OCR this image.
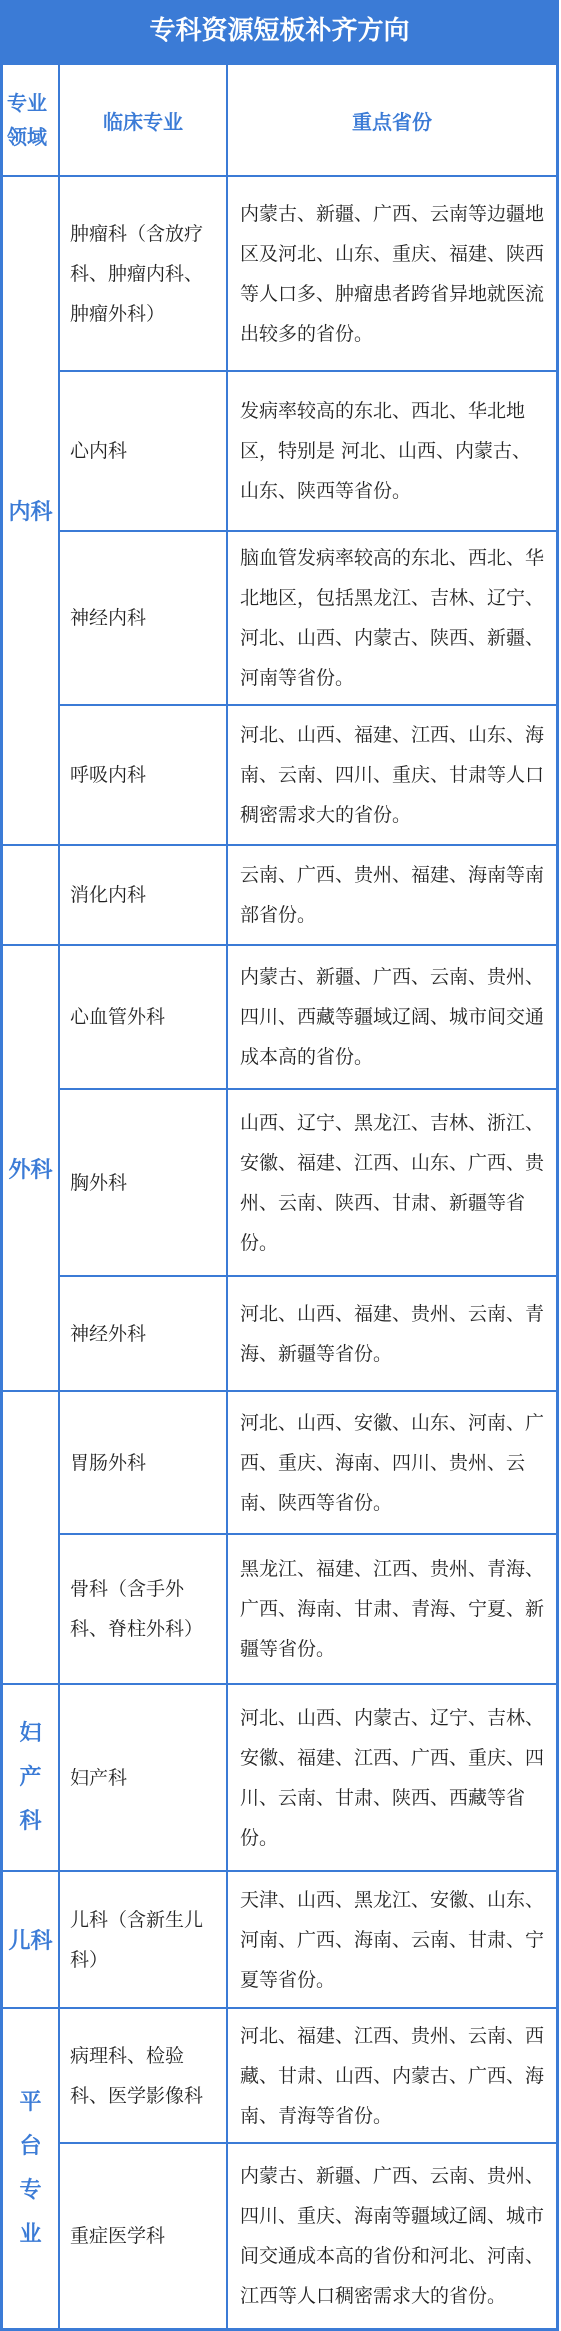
专科资源短板补齐方向
专业
领域	临床专业	重点省份
内科	肿瘤科（含放疗科、肿瘤内科、肿瘤外科）	内蒙古、新疆、广西、云南等边疆地区及河北、山东、重庆、福建、陕西等人口多、肿瘤患者跨省异地就医流出较多的省份。
	心内科	发病率较高的东北、西北、华北地区，特别是 河北、山西、内蒙古、山东、陕西等省份。
	神经内科	脑血管发病率较高的东北、西北、华北地区，包括黑龙江、吉林、辽宁、河北、山西、内蒙古、陕西、新疆、河南等省份。
	呼吸内科	河北、山西、福建、江西、山东、海南、云南、四川、重庆、甘肃等人口稠密需求大的省份。
	消化内科	云南、广西、贵州、福建、海南等南部省份。
外科	心血管外科	内蒙古、新疆、广西、云南、贵州、四川、西藏等疆域辽阔、城市间交通成本高的省份。
	胸外科	山西、辽宁、黑龙江、吉林、浙江、安徽、福建、江西、山东、广西、贵州、云南、陕西、甘肃、新疆等省份。
	神经外科	河北、山西、福建、贵州、云南、青海、新疆等省份。
	胃肠外科	河北、山西、安徽、山东、河南、广西、重庆、海南、四川、贵州、云南、陕西等省份。
	骨科（含手外科、脊柱外科）	黑龙江、福建、江西、贵州、青海、广西、海南、甘肃、青海、宁夏、新疆等省份。

妇
产
科	妇产科	河北、山西、内蒙古、辽宁、吉林、安徽、福建、江西、广西、重庆、四川、云南、甘肃、陕西、西藏等省份。
儿科	儿科（含新生儿科）	天津、山西、黑龙江、安徽、山东、河南、广西、海南、云南、甘肃、宁夏等省份。

平
台
专
业	病理科、检验科、医学影像科	河北、福建、江西、贵州、云南、西藏、甘肃、山西、内蒙古、广西、海南、青海等省份。
	重症医学科	内蒙古、新疆、广西、云南、贵州、四川、重庆、海南等疆域辽阔、城市间交通成本高的省份和河北、河南、江西等人口稠密需求大的省份。
